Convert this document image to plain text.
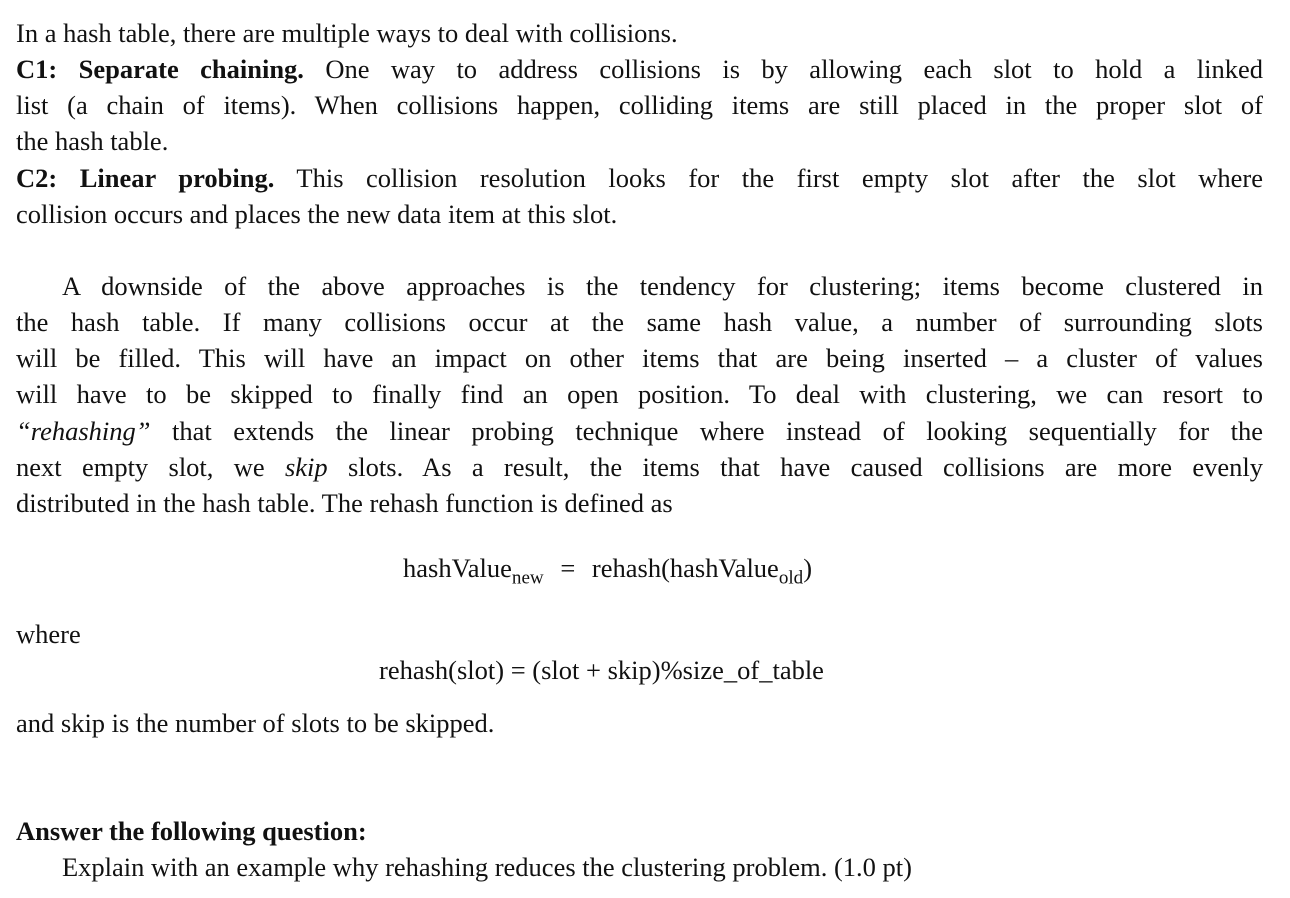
In a hash table, there are multiple ways to deal with collisions.
C1: Separate chaining. One way to address collisions is by allowing each slot to hold a linked
list (a chain of items). When collisions happen, colliding items are still placed in the proper slot of
the hash table.
C2: Linear probing. This collision resolution looks for the first empty slot after the slot where
collision occurs and places the new data item at this slot.
A downside of the above approaches is the tendency for clustering; items become clustered in
the hash table. If many collisions occur at the same hash value, a number of surrounding slots
will be filled. This will have an impact on other items that are being inserted – a cluster of values
will have to be skipped to finally find an open position. To deal with clustering, we can resort to
“rehashing” that extends the linear probing technique where instead of looking sequentially for the
next empty slot, we skip slots. As a result, the items that have caused collisions are more evenly
distributed in the hash table. The rehash function is defined as
hashValue$_{new}$ = rehash(hashValue$_{old}$)
where
rehash(slot) = (slot + skip)%size_of_table
and skip is the number of slots to be skipped.
Answer the following question:
Explain with an example why rehashing reduces the clustering problem. (1.0 pt)
